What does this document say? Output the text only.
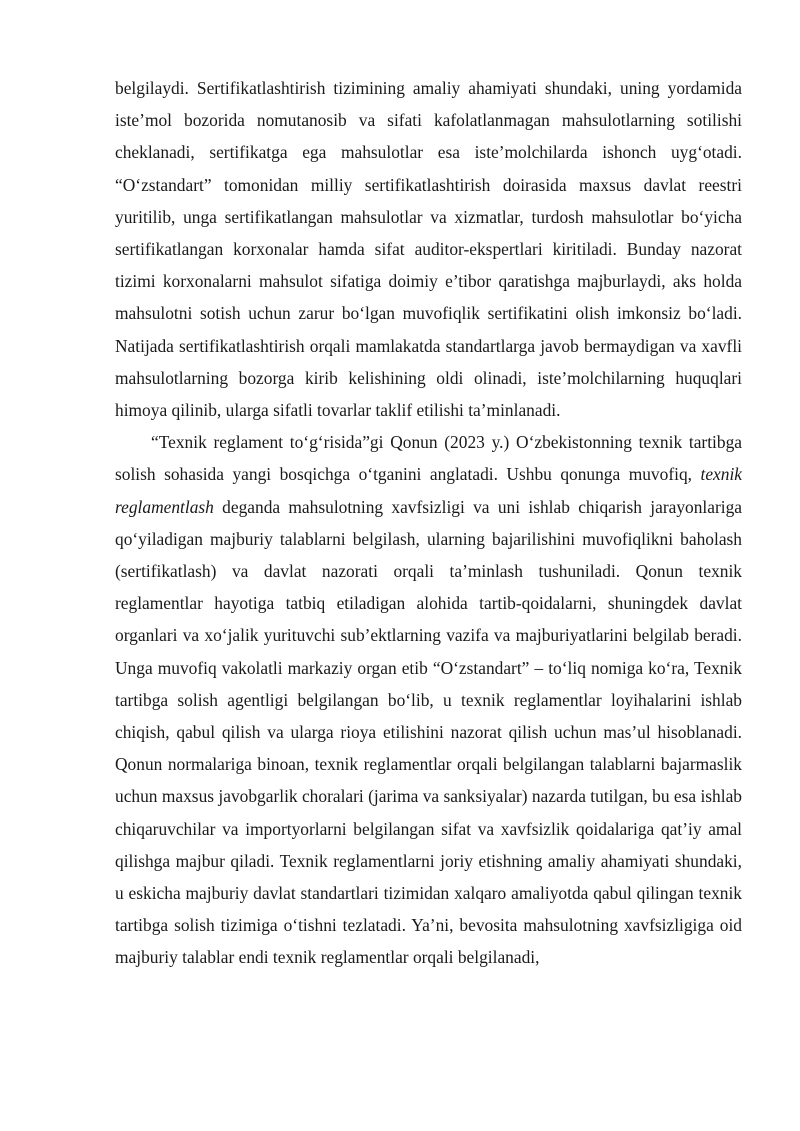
belgilaydi. Sertifikatlashtirish tizimining amaliy ahamiyati shundaki, uning yordamida iste’mol bozorida nomutanosib va sifati kafolatlanmagan mahsulotlarning sotilishi cheklanadi, sertifikatga ega mahsulotlar esa iste’molchilarda ishonch uyg‘otadi. “O‘zstandart” tomonidan milliy sertifikatlashtirish doirasida maxsus davlat reestri yuritilib, unga sertifikatlangan mahsulotlar va xizmatlar, turdosh mahsulotlar bo‘yicha sertifikatlangan korxonalar hamda sifat auditor-ekspertlari kiritiladi. Bunday nazorat tizimi korxonalarni mahsulot sifatiga doimiy e’tibor qaratishga majburlaydi, aks holda mahsulotni sotish uchun zarur bo‘lgan muvofiqlik sertifikatini olish imkonsiz bo‘ladi. Natijada sertifikatlashtirish orqali mamlakatda standartlarga javob bermaydigan va xavfli mahsulotlarning bozorga kirib kelishining oldi olinadi, iste’molchilarning huquqlari himoya qilinib, ularga sifatli tovarlar taklif etilishi ta’minlanadi.

“Texnik reglament to‘g‘risida”gi Qonun (2023 y.) O‘zbekistonning texnik tartibga solish sohasida yangi bosqichga o‘tganini anglatadi. Ushbu qonunga muvofiq, texnik reglamentlash deganda mahsulotning xavfsizligi va uni ishlab chiqarish jarayonlariga qo‘yiladigan majburiy talablarni belgilash, ularning bajarilishini muvofiqlikni baholash (sertifikatlash) va davlat nazorati orqali ta’minlash tushuniladi. Qonun texnik reglamentlar hayotiga tatbiq etiladigan alohida tartib-qoidalarni, shuningdek davlat organlari va xo‘jalik yurituvchi sub’ektlarning vazifa va majburiyatlarini belgilab beradi. Unga muvofiq vakolatli markaziy organ etib “O‘zstandart” – to‘liq nomiga ko‘ra, Texnik tartibga solish agentligi belgilangan bo‘lib, u texnik reglamentlar loyihalarini ishlab chiqish, qabul qilish va ularga rioya etilishini nazorat qilish uchun mas’ul hisoblanadi. Qonun normalariga binoan, texnik reglamentlar orqali belgilangan talablarni bajarmaslik uchun maxsus javobgarlik choralari (jarima va sanksiyalar) nazarda tutilgan, bu esa ishlab chiqaruvchilar va importyorlarni belgilangan sifat va xavfsizlik qoidalariga qat’iy amal qilishga majbur qiladi. Texnik reglamentlarni joriy etishning amaliy ahamiyati shundaki, u eskicha majburiy davlat standartlari tizimidan xalqaro amaliyotda qabul qilingan texnik tartibga solish tizimiga o‘tishni tezlatadi. Ya’ni, bevosita mahsulotning xavfsizligiga oid majburiy talablar endi texnik reglamentlar orqali belgilanadi,
